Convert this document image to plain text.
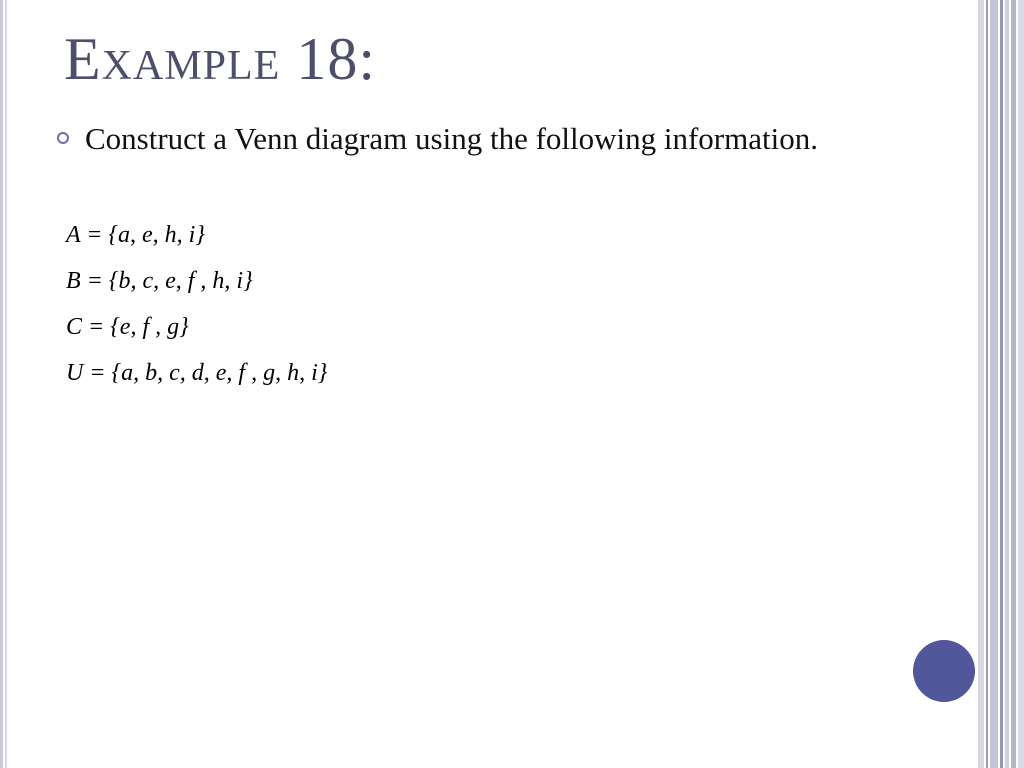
Example 18:
Construct a Venn diagram using the following information.
A = {a, e, h, i}
B = {b, c, e, f , h, i}
C = {e, f , g}
U = {a, b, c, d, e, f , g, h, i}
